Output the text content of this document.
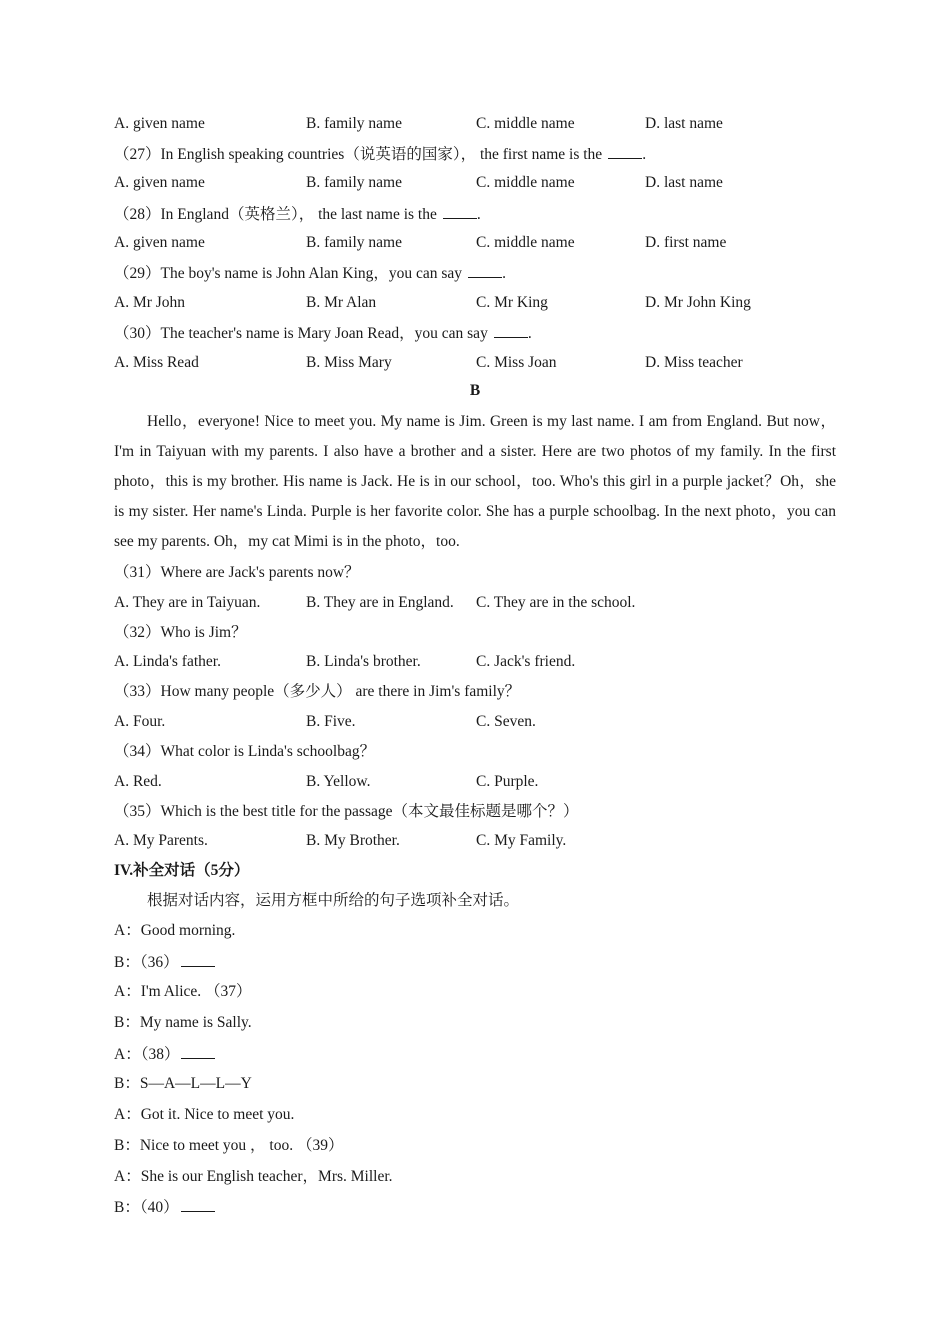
A. given name	B. family name	C. middle name	D. last name
（27）In English speaking countries（说英语的国家）， the first name is the	.
A. given name	B. family name	C. middle name	D. last name
（28）In England（英格兰）， the last name is the	.
A. given name	B. family name	C. middle name	D. first name
（29）The boy's name is John Alan King，you can say	.
A. Mr John	B. Mr Alan	C. Mr King	D. Mr John King
（30）The teacher's name is Mary Joan Read，you can say	.
A. Miss Read	B. Miss Mary	C. Miss Joan	D. Miss teacher
B
Hello，everyone! Nice to meet you. My name is Jim. Green is my last name. I am from England. But now，I'm in Taiyuan with my parents. I also have a brother and a sister. Here are two photos of my family. In the first photo，this is my brother. His name is Jack. He is in our school，too. Who's this girl in a purple jacket？Oh，she is my sister. Her name's Linda. Purple is her favorite color. She has a purple schoolbag. In the next photo，you can see my parents. Oh，my cat Mimi is in the photo，too.
（31）Where are Jack's parents now？
A. They are in Taiyuan.	B. They are in England. C. They are in the school.
（32）Who is Jim？
A. Linda's father.	B. Linda's brother.	C. Jack's friend.
（33）How many people（多少人） are there in Jim's family？
A. Four.	B. Five.	C. Seven.
（34）What color is Linda's schoolbag？
A. Red.	B. Yellow.	C. Purple.
（35）Which is the best title for the passage（本文最佳标题是哪个？）
A. My Parents.	B. My Brother.	C. My Family.
IV.补全对话（5分）
根据对话内容，运用方框中所给的句子选项补全对话。
A：Good morning.
B：（36）
A：I'm Alice. （37）
B：My name is Sally.
A：（38）
B：S—A—L—L—Y
A：Got it. Nice to meet you.
B：Nice to meet you ， too. （39）
A：She is our English teacher，Mrs. Miller.
B：（40）
